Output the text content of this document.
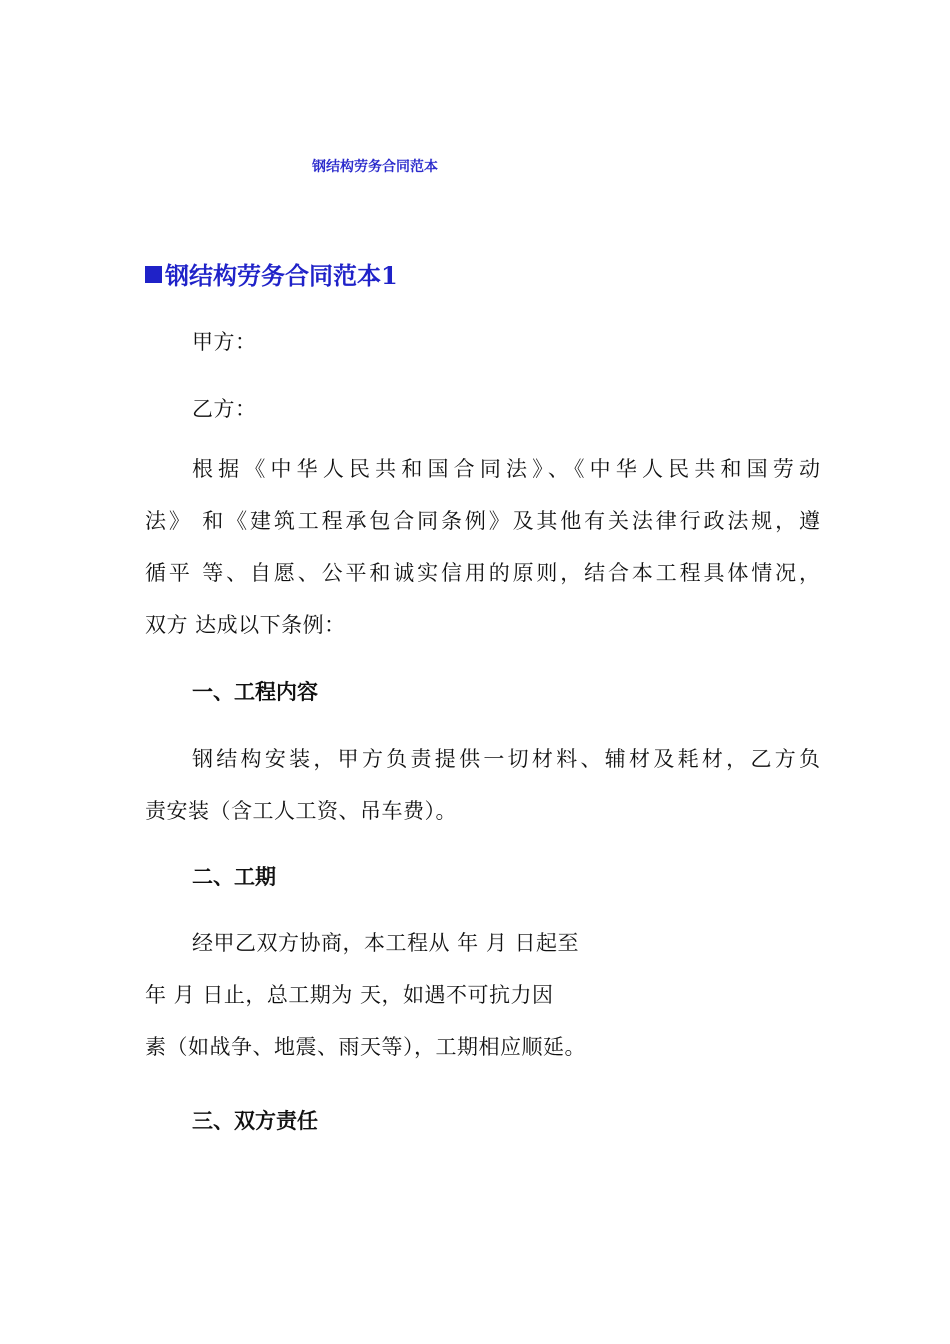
钢结构劳务合同范本
钢结构劳务合同范本1
甲方：
乙方：
根据《中华人民共和国合同法》、《中华人民共和国劳动
法》 和《建筑工程承包合同条例》及其他有关法律行政法规，遵
循平 等、自愿、公平和诚实信用的原则，结合本工程具体情况，
双方 达成以下条例：
一、工程内容
钢结构安装，甲方负责提供一切材料、辅材及耗材，乙方负
责安装（含工人工资、吊车费）。
二、工期
经甲乙双方协商，本工程从 年 月 日起至
年 月 日止，总工期为 天，如遇不可抗力因
素（如战争、地震、雨天等），工期相应顺延。
三、双方责任
